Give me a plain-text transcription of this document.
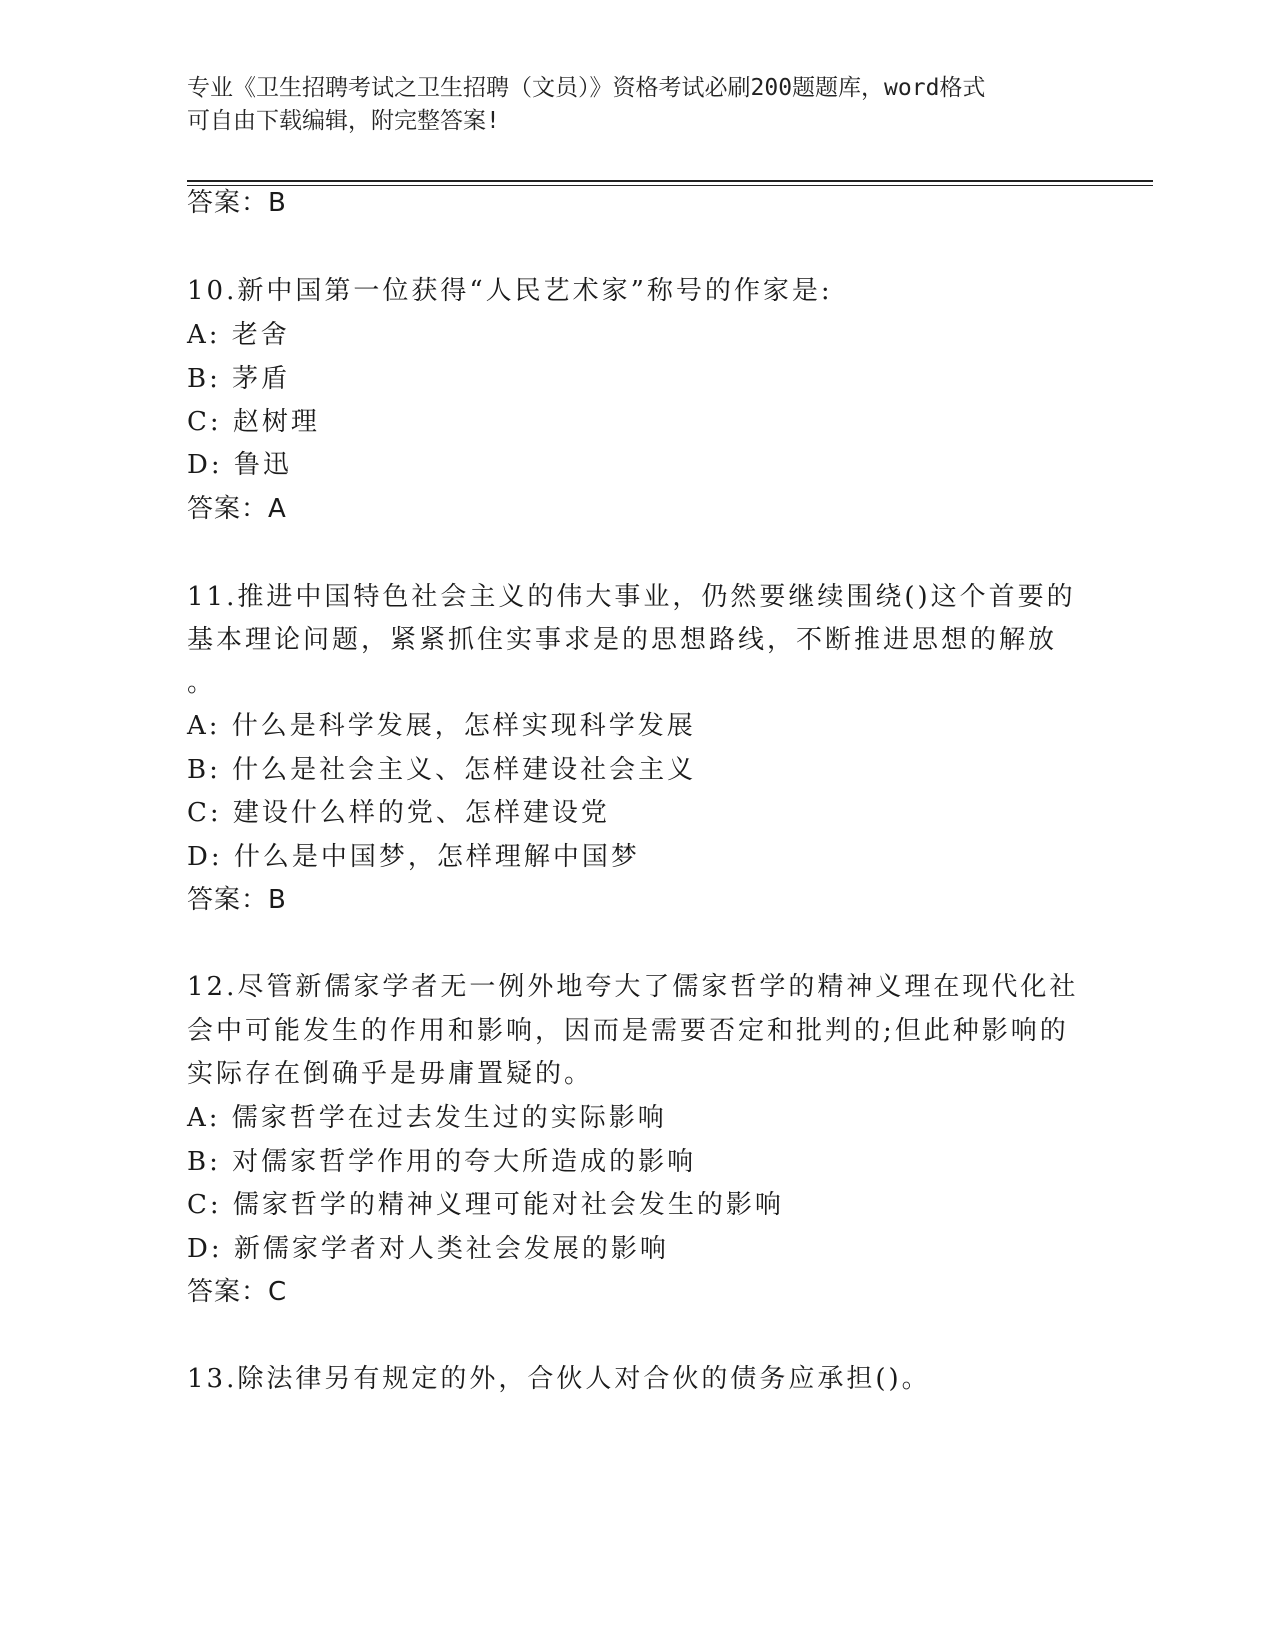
专业《卫生招聘考试之卫生招聘（文员）》资格考试必刷200题题库，word格式
可自由下载编辑，附完整答案!
答案：B
10.新中国第一位获得“人民艺术家”称号的作家是:
A: 老舍
B: 茅盾
C: 赵树理
D: 鲁迅
答案：A
11.推进中国特色社会主义的伟大事业，仍然要继续围绕()这个首要的
基本理论问题，紧紧抓住实事求是的思想路线，不断推进思想的解放
。
A: 什么是科学发展，怎样实现科学发展
B: 什么是社会主义、怎样建设社会主义
C: 建设什么样的党、怎样建设党
D: 什么是中国梦，怎样理解中国梦
答案：B
12.尽管新儒家学者无一例外地夸大了儒家哲学的精神义理在现代化社
会中可能发生的作用和影响，因而是需要否定和批判的;但此种影响的
实际存在倒确乎是毋庸置疑的。
A: 儒家哲学在过去发生过的实际影响
B: 对儒家哲学作用的夸大所造成的影响
C: 儒家哲学的精神义理可能对社会发生的影响
D: 新儒家学者对人类社会发展的影响
答案：C
13.除法律另有规定的外，合伙人对合伙的债务应承担()。
